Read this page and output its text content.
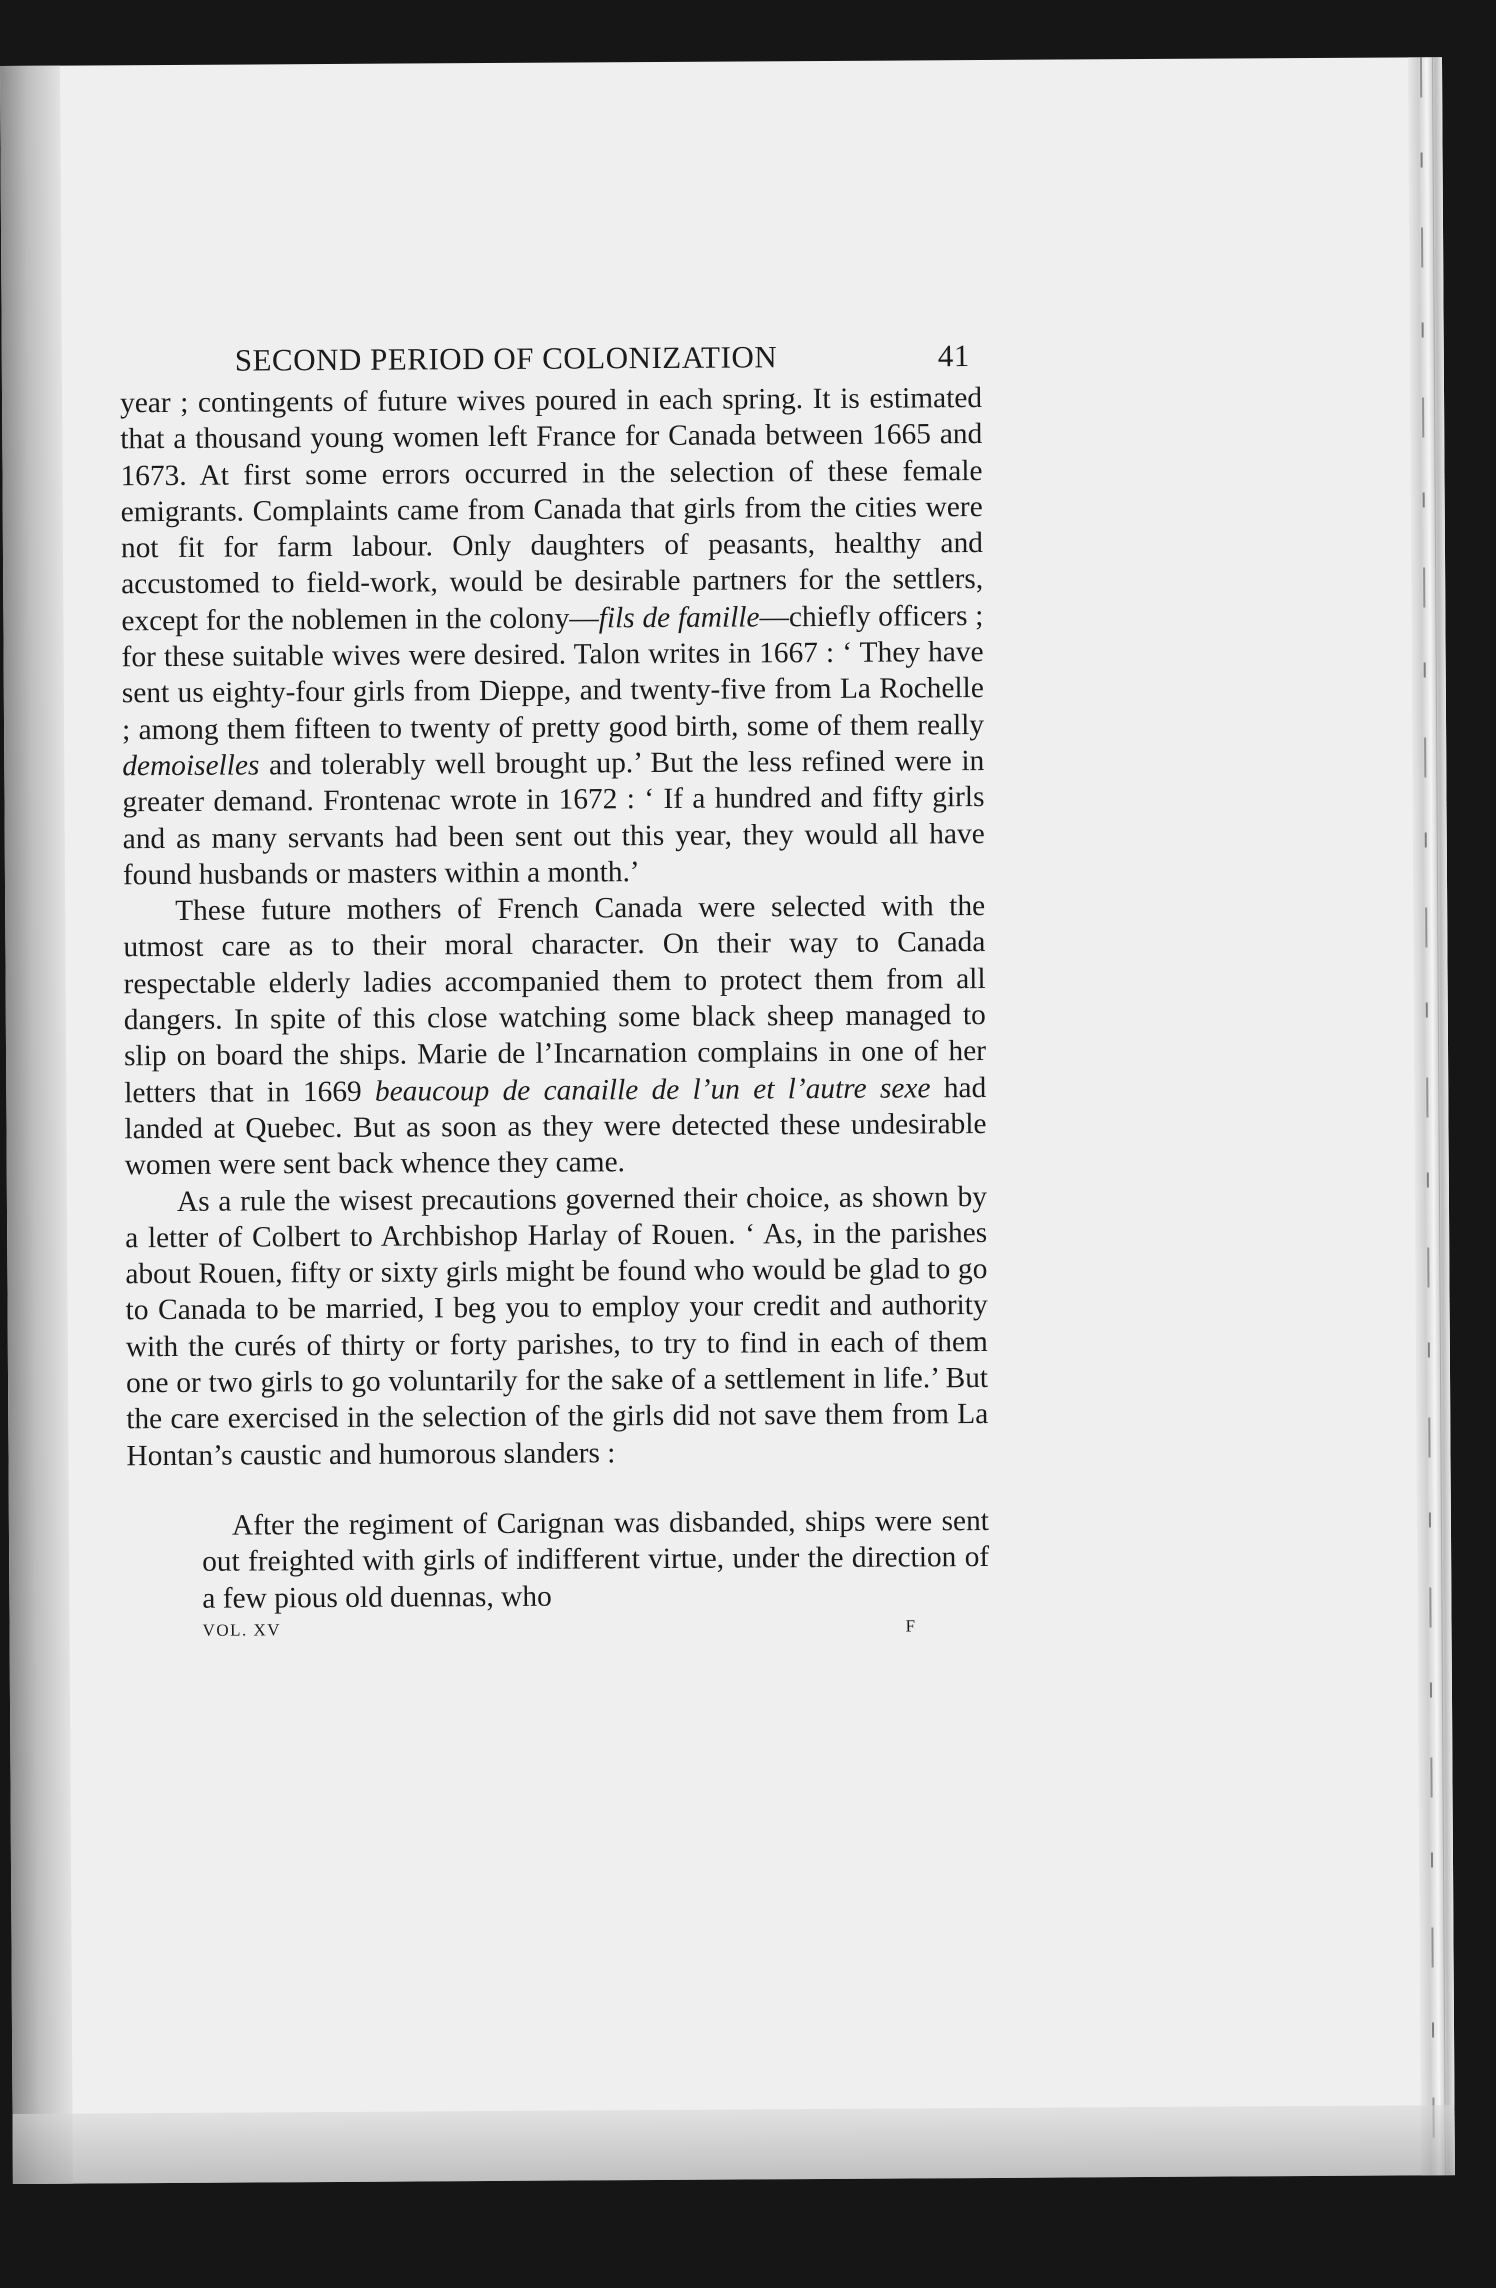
SECOND PERIOD OF COLONIZATION	41

year ; contingents of future wives poured in each spring. It is estimated that a thousand young women left France for Canada between 1665 and 1673. At first some errors occurred in the selection of these female emigrants. Complaints came from Canada that girls from the cities were not fit for farm labour. Only daughters of peasants, healthy and accustomed to field-work, would be desirable partners for the settlers, except for the noblemen in the colony—fils de famille—chiefly officers ; for these suitable wives were desired. Talon writes in 1667 : ‘ They have sent us eighty-four girls from Dieppe, and twenty-five from La Rochelle ; among them fifteen to twenty of pretty good birth, some of them really demoiselles and tolerably well brought up.’ But the less refined were in greater demand. Frontenac wrote in 1672 : ‘ If a hundred and fifty girls and as many servants had been sent out this year, they would all have found husbands or masters within a month.’

These future mothers of French Canada were selected with the utmost care as to their moral character. On their way to Canada respectable elderly ladies accompanied them to protect them from all dangers. In spite of this close watching some black sheep managed to slip on board the ships. Marie de l’Incarnation complains in one of her letters that in 1669 beaucoup de canaille de l’un et l’autre sexe had landed at Quebec. But as soon as they were detected these undesirable women were sent back whence they came.

As a rule the wisest precautions governed their choice, as shown by a letter of Colbert to Archbishop Harlay of Rouen. ‘ As, in the parishes about Rouen, fifty or sixty girls might be found who would be glad to go to Canada to be married, I beg you to employ your credit and authority with the curés of thirty or forty parishes, to try to find in each of them one or two girls to go voluntarily for the sake of a settlement in life.’ But the care exercised in the selection of the girls did not save them from La Hontan’s caustic and humorous slanders :

After the regiment of Carignan was disbanded, ships were sent out freighted with girls of indifferent virtue, under the direction of a few pious old duennas, who
VOL. XV	F
